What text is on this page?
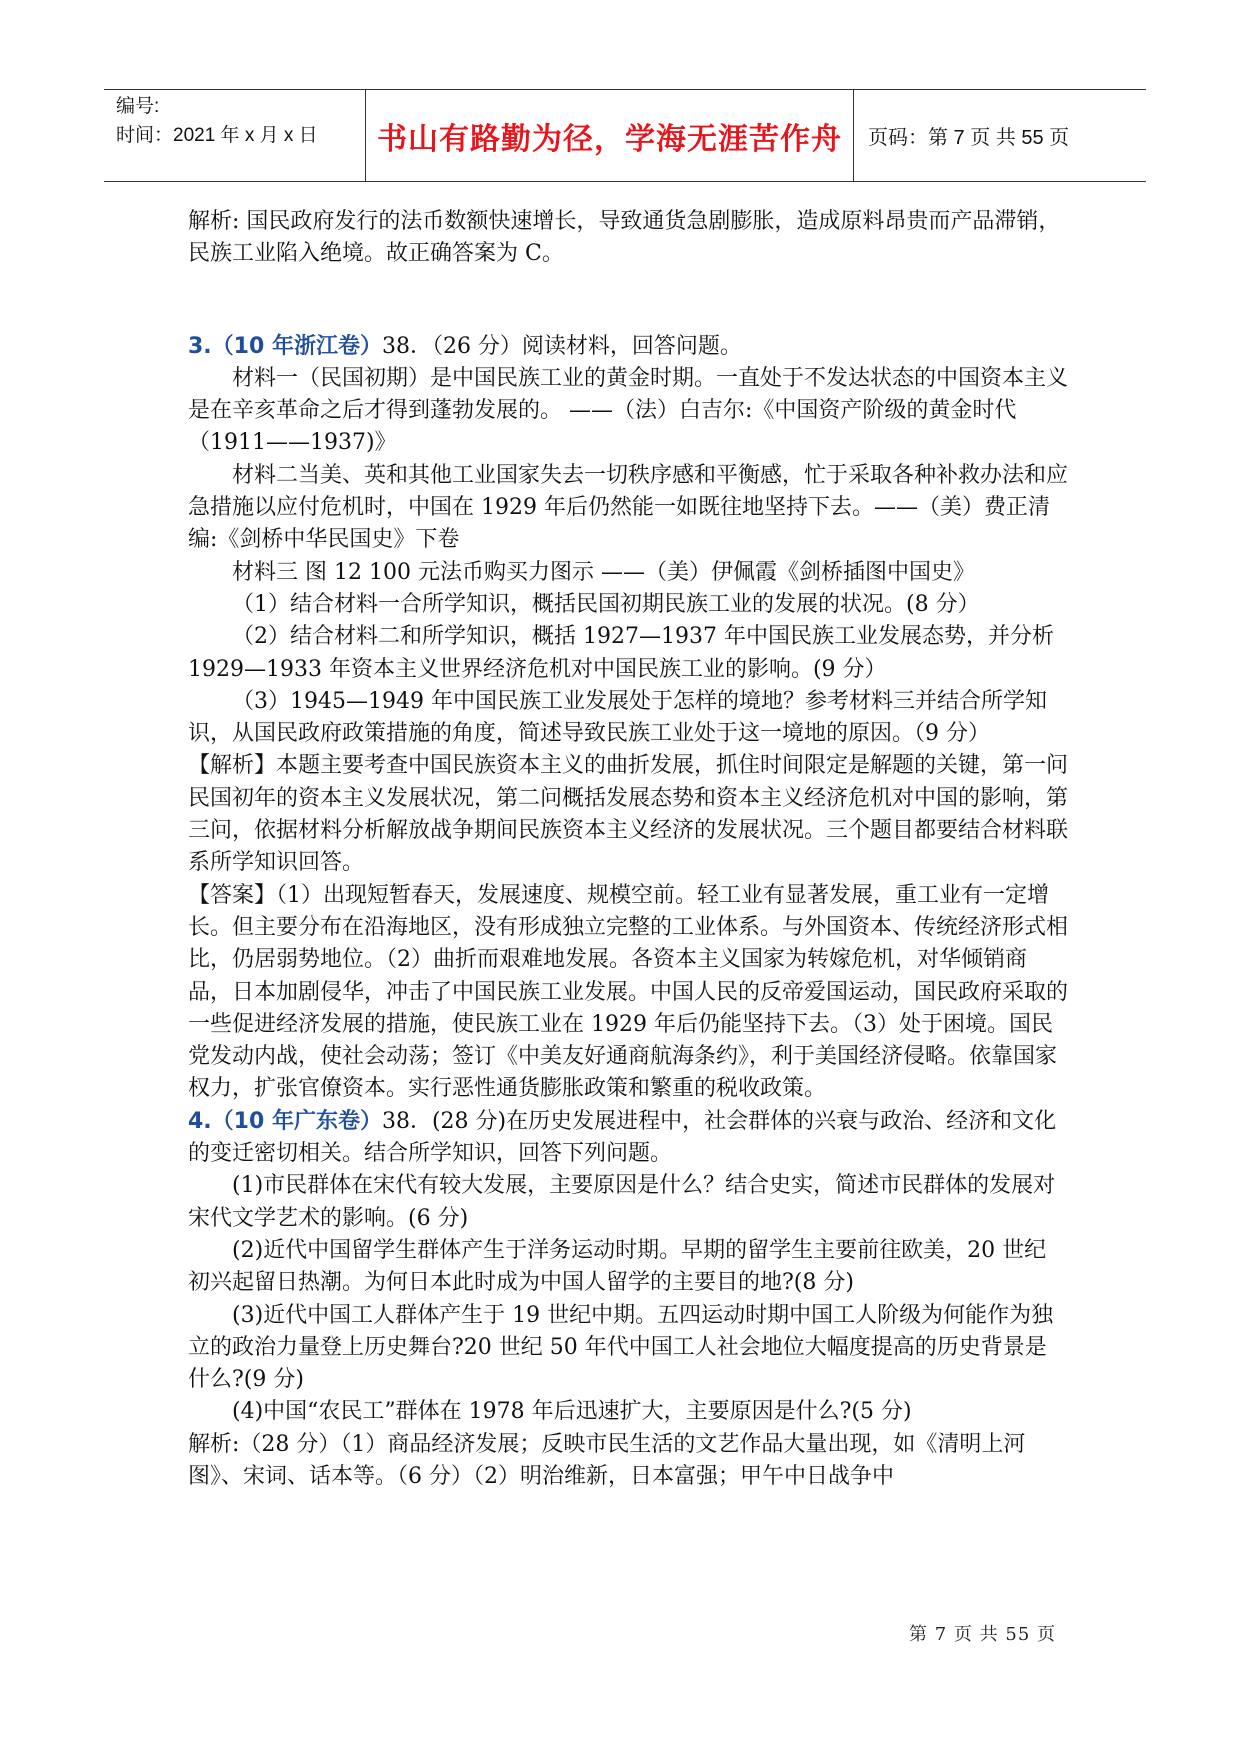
编号:
时间：2021 年 x 月 x 日	书山有路勤为径，学海无涯苦作舟	页码：第 7 页 共 55 页

解析: 国民政府发行的法币数额快速增长，导致通货急剧膨胀，造成原料昂贵而产品滞销，民族工业陷入绝境。故正确答案为 C。

3.（10 年浙江卷）38．（26 分）阅读材料，回答问题。

材料一（民国初期）是中国民族工业的黄金时期。一直处于不发达状态的中国资本主义是在辛亥革命之后才得到蓬勃发展的。 ——（法）白吉尔:《中国资产阶级的黄金时代（1911——1937)》

材料二当美、英和其他工业国家失去一切秩序感和平衡感，忙于采取各种补救办法和应急措施以应付危机时，中国在 1929 年后仍然能一如既往地坚持下去。——（美）费正清编:《剑桥中华民国史》下卷

材料三 图 12 100 元法币购买力图示 ——（美）伊佩霞《剑桥插图中国史》

（1）结合材料一合所学知识，概括民国初期民族工业的发展的状况。(8 分）

（2）结合材料二和所学知识，概括 1927—1937 年中国民族工业发展态势，并分析 1929—1933 年资本主义世界经济危机对中国民族工业的影响。(9 分）

（3）1945—1949 年中国民族工业发展处于怎样的境地？参考材料三并结合所学知识，从国民政府政策措施的角度，简述导致民族工业处于这一境地的原因。（9 分）

【解析】本题主要考查中国民族资本主义的曲折发展，抓住时间限定是解题的关键，第一问民国初年的资本主义发展状况，第二问概括发展态势和资本主义经济危机对中国的影响，第三问，依据材料分析解放战争期间民族资本主义经济的发展状况。三个题目都要结合材料联系所学知识回答。

【答案】（1）出现短暂春天，发展速度、规模空前。轻工业有显著发展，重工业有一定增长。但主要分布在沿海地区，没有形成独立完整的工业体系。与外国资本、传统经济形式相比，仍居弱势地位。（2）曲折而艰难地发展。各资本主义国家为转嫁危机，对华倾销商品，日本加剧侵华，冲击了中国民族工业发展。中国人民的反帝爱国运动，国民政府采取的一些促进经济发展的措施，使民族工业在 1929 年后仍能坚持下去。（3）处于困境。国民党发动内战，使社会动荡；签订《中美友好通商航海条约》，利于美国经济侵略。依靠国家权力，扩张官僚资本。实行恶性通货膨胀政策和繁重的税收政策。

4.（10 年广东卷）38．(28 分)在历史发展进程中，社会群体的兴衰与政治、经济和文化的变迁密切相关。结合所学知识，回答下列问题。

(1)市民群体在宋代有较大发展，主要原因是什么？结合史实，简述市民群体的发展对宋代文学艺术的影响。(6 分)

(2)近代中国留学生群体产生于洋务运动时期。早期的留学生主要前往欧美，20 世纪初兴起留日热潮。为何日本此时成为中国人留学的主要目的地?(8 分)

(3)近代中国工人群体产生于 19 世纪中期。五四运动时期中国工人阶级为何能作为独立的政治力量登上历史舞台?20 世纪 50 年代中国工人社会地位大幅度提高的历史背景是什么?(9 分)

(4)中国“农民工”群体在 1978 年后迅速扩大，主要原因是什么?(5 分)

解析:（28 分）（1）商品经济发展；反映市民生活的文艺作品大量出现，如《清明上河图》、宋词、话本等。（6 分）（2）明治维新，日本富强；甲午中日战争中

第 7 页 共 55 页
